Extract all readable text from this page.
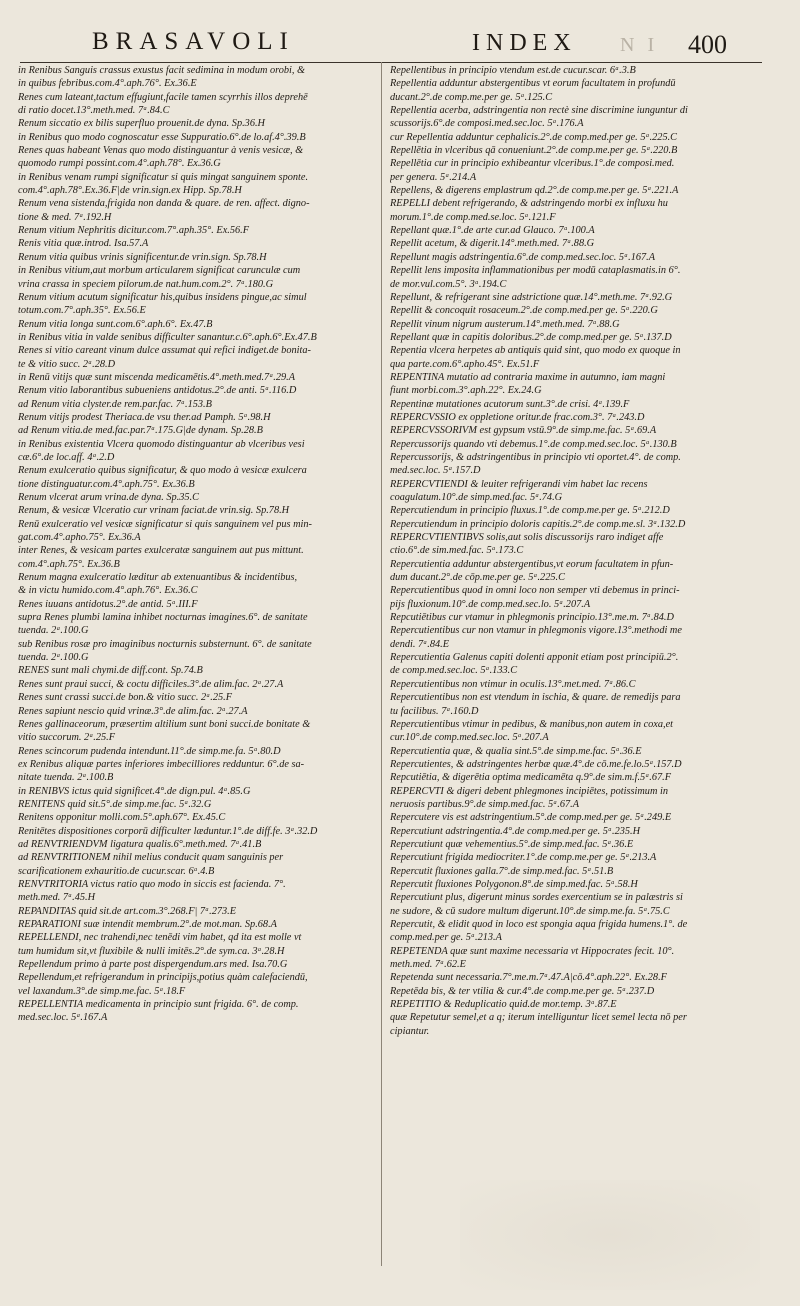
BRASAVOLI	INDEX N I 400
in Renibus Sanguis crassus exustus facit sedimina in modum orobi, &
in quibus febribus.com.4°.aph.76°. Ex.36.E
Renes cum lateant,tactum effugiunt,facile tamen scyrrhis illos deprehē
di ratio docet.13°.meth.med. 7ᵃ.84.C
Renum siccatio ex bilis superfluo prouenit.de dyna. Sp.36.H
in Renibus quo modo cognoscatur esse Suppuratio.6°.de lo.af.4°.39.B
Renes quas habeant Venas quo modo distinguantur à venis vesicæ, &
quomodo rumpi possint.com.4°.aph.78°. Ex.36.G
in Renibus venam rumpi significatur si quis mingat sanguinem sponte.
com.4°.aph.78°.Ex.36.F|de vrin.sign.ex Hipp. Sp.78.H
Renum vena sistenda,frigida non danda & quare. de ren. affect. digno-
tione & med. 7ᵃ.192.H
Renum vitium Nephritis dicitur.com.7°.aph.35°. Ex.56.F
Renis vitia quæ.introd. Isa.57.A
Renum vitia quibus vrinis significentur.de vrin.sign. Sp.78.H
in Renibus vitium,aut morbum articularem significat carunculæ cum
vrina crassa in speciem pilorum.de nat.hum.com.2°. 7ᵃ.180.G
Renum vitium acutum significatur his,quibus insidens pingue,ac simul
totum.com.7°.aph.35°. Ex.56.E
Renum vitia longa sunt.com.6°.aph.6°. Ex.47.B
in Renibus vitia in valde senibus difficulter sanantur.c.6°.aph.6°.Ex.47.B
Renes si vitio careant vinum dulce assumat qui refici indiget.de bonita-
te & vitio succ. 2ᵃ.28.D
in Renū vitijs quæ sunt miscenda medicamētis.4°.meth.med.7ᵃ.29.A
Renum vitio laborantibus subueniens antidotus.2°.de anti. 5ᵃ.116.D
ad Renum vitia clyster.de rem.par.fac. 7ᵃ.153.B
Renum vitijs prodest Theriaca.de vsu ther.ad Pamph. 5ᵃ.98.H
ad Renum vitia.de med.fac.par.7ᵃ.175.G|de dynam. Sp.28.B
in Renibus existentia Vlcera quomodo distinguantur ab vlceribus vesi
cæ.6°.de loc.aff. 4ᵃ.2.D
Renum exulceratio quibus significatur, & quo modo à vesicæ exulcera
tione distinguatur.com.4°.aph.75°. Ex.36.B
Renum vlcerat arum vrina.de dyna. Sp.35.C
Renum, & vesicæ Vlceratio cur vrinam faciat.de vrin.sig. Sp.78.H
Renū exulceratio vel vesicæ significatur si quis sanguinem vel pus min-
gat.com.4°.apho.75°. Ex.36.A
inter Renes, & vesicam partes exulceratæ sanguinem aut pus mittunt.
com.4°.aph.75°. Ex.36.B
Renum magna exulceratio læditur ab extenuantibus & incidentibus,
& in victu humido.com.4°.aph.76°. Ex.36.C
Renes iuuans antidotus.2°.de antid. 5ᵃ.III.F
supra Renes plumbi lamina inhibet nocturnas imagines.6°. de sanitate
tuenda. 2ᵃ.100.G
sub Renibus rosæ pro imaginibus nocturnis substernunt. 6°. de sanitate
tuenda. 2ᵃ.100.G
RENES sunt mali chymi.de diff.cont. Sp.74.B
Renes sunt praui succi, & coctu difficiles.3°.de alim.fac. 2ᵃ.27.A
Renes sunt crassi succi.de bon.& vitio succ. 2ᵃ.25.F
Renes sapiunt nescio quid vrinæ.3°.de alim.fac. 2ᵃ.27.A
Renes gallinaceorum, præsertim altilium sunt boni succi.de bonitate &
vitio succorum. 2ᵃ.25.F
Renes scincorum pudenda intendunt.11°.de simp.me.fa. 5ᵃ.80.D
ex Renibus aliquæ partes inferiores imbecilliores redduntur. 6°.de sa-
nitate tuenda. 2ᵃ.100.B
in RENIBVS ictus quid significet.4°.de dign.pul. 4ᵃ.85.G
RENITENS quid sit.5°.de simp.me.fac. 5ᵃ.32.G
Renitens opponitur molli.com.5°.aph.67°. Ex.45.C
Renitētes dispositiones corporū difficulter læduntur.1°.de diff.fe. 3ᵃ.32.D
ad RENVTRIENDVM ligatura qualis.6°.meth.med. 7ᵃ.41.B
ad RENVTRITIONEM nihil melius conducit quam sanguinis per
scarificationem exhauritio.de cucur.scar. 6ᵃ.4.B
RENVTRITORIA victus ratio quo modo in siccis est facienda. 7°.
meth.med. 7ᵃ.45.H
REPANDITAS quid sit.de art.com.3°.268.F| 7ᵃ.273.E
REPARATIONI suæ intendit membrum.2°.de mot.man. Sp.68.A
REPELLENDI, nec trahendi,nec tenēdi vim habet, qd ita est molle vt
tum humidum sit,vt fluxibile & nulli imitēs.2°.de sym.ca. 3ᵃ.28.H
Repellendum primo à parte post dispergendum.ars med. Isa.70.G
Repellendum,et refrigerandum in principijs,potius quàm calefaciendū,
vel laxandum.3°.de simp.me.fac. 5ᵃ.18.F
REPELLENTIA medicamenta in principio sunt frigida. 6°. de comp.
med.sec.loc. 5ᵃ.167.A
Repellentibus in principio vtendum est.de cucur.scar. 6ᵃ.3.B
Repellentia adduntur abstergentibus vt eorum facultatem in profundū
ducant.2°.de comp.me.per ge. 5ᵃ.125.C
Repellentia acerba, adstringentia non rectè sine discrimine iunguntur di
scussorijs.6°.de composi.med.sec.loc. 5ᵃ.176.A
cur Repellentia adduntur cephalicis.2°.de comp.med.per ge. 5ᵃ.225.C
Repellētia in vlceribus qā conueniunt.2°.de comp.me.per ge. 5ᵃ.220.B
Repellētia cur in principio exhibeantur vlceribus.1°.de composi.med.
per genera. 5ᵃ.214.A
Repellens, & digerens emplastrum qd.2°.de comp.me.per ge. 5ᵃ.221.A
REPELLI debent refrigerando, & adstringendo morbi ex influxu hu
morum.1°.de comp.med.se.loc. 5ᵃ.121.F
Repellant quæ.1°.de arte cur.ad Glauco. 7ᵃ.100.A
Repellit acetum, & digerit.14°.meth.med. 7ᵃ.88.G
Repellunt magis adstringentia.6°.de comp.med.sec.loc. 5ᵃ.167.A
Repellit lens imposita inflammationibus per modū cataplasmatis.in 6°.
de mor.vul.com.5°. 3ᵃ.194.C
Repellunt, & refrigerant sine adstrictione quæ.14°.meth.me. 7ᵃ.92.G
Repellit & concoquit rosaceum.2°.de comp.med.per ge. 5ᵃ.220.G
Repellit vinum nigrum austerum.14°.meth.med. 7ᵃ.88.G
Repellant quæ in capitis doloribus.2°.de comp.med.per ge. 5ᵃ.137.D
Repentia vlcera herpetes ab antiquis quid sint, quo modo ex quoque in
qua parte.com.6°.apho.45°. Ex.51.F
REPENTINA mutatio ad contraria maxime in autumno, iam magni
fiunt morbi.com.3°.aph.22°. Ex.24.G
Repentinæ mutationes acutorum sunt.3°.de crisi. 4ᵃ.139.F
REPERCVSSIO ex oppletione oritur.de frac.com.3°. 7ᵃ.243.D
REPERCVSSORIVM est gypsum vstū.9°.de simp.me.fac. 5ᵃ.69.A
Repercussorijs quando vti debemus.1°.de comp.med.sec.loc. 5ᵃ.130.B
Repercussorijs, & adstringentibus in principio vti oportet.4°. de comp.
med.sec.loc. 5ᵃ.157.D
REPERCVTIENDI & leuiter refrigerandi vim habet lac recens
coagulatum.10°.de simp.med.fac. 5ᵃ.74.G
Repercutiendum in principio fluxus.1°.de comp.me.per ge. 5ᵃ.212.D
Repercutiendum in principio doloris capitis.2°.de comp.me.sl. 3ᵃ.132.D
REPERCVTIENTIBVS solis,aut solis discussorijs raro indiget affe
ctio.6°.de sim.med.fac. 5ᵃ.173.C
Repercutientia adduntur abstergentibus,vt eorum facultatem in pfun-
dum ducant.2°.de cōp.me.per ge. 5ᵃ.225.C
Repercutientibus quod in omni loco non semper vti debemus in princi-
pijs fluxionum.10°.de comp.med.sec.lo. 5ᵃ.207.A
Repcutiētibus cur vtamur in phlegmonis principio.13°.me.m. 7ᵃ.84.D
Repercutientibus cur non vtamur in phlegmonis vigore.13°.methodi me
dendi. 7ᵃ.84.E
Repercutientia Galenus capiti dolenti apponit etiam post principiū.2°.
de comp.med.sec.loc. 5ᵃ.133.C
Repercutientibus non vtimur in oculis.13°.met.med. 7ᵃ.86.C
Repercutientibus non est vtendum in ischia, & quare. de remedijs para
tu facilibus. 7ᵃ.160.D
Repercutientibus vtimur in pedibus, & manibus,non autem in coxa,et
cur.10°.de comp.med.sec.loc. 5ᵃ.207.A
Repercutientia quæ, & qualia sint.5°.de simp.me.fac. 5ᵃ.36.E
Repercutientes, & adstringentes herbæ quæ.4°.de cō.me.fe.lo.5ᵃ.157.D
Repcutiētia, & digerētia optima medicamēta q.9°.de sim.m.f.5ᵃ.67.F
REPERCVTI & digeri debent phlegmones incipiētes, potissimum in
neruosis partibus.9°.de simp.med.fac. 5ᵃ.67.A
Repercutere vis est adstringentium.5°.de comp.med.per ge. 5ᵃ.249.E
Repercutiunt adstringentia.4°.de comp.med.per ge. 5ᵃ.235.H
Repercutiunt quæ vehementius.5°.de simp.med.fac. 5ᵃ.36.E
Repercutiunt frigida mediocriter.1°.de comp.me.per ge. 5ᵃ.213.A
Repercutit fluxiones galla.7°.de simp.med.fac. 5ᵃ.51.B
Repercutit fluxiones Polygonon.8°.de simp.med.fac. 5ᵃ.58.H
Repercutiunt plus, digerunt minus sordes exercentium se in palæstris si
ne sudore, & cū sudore multum digerunt.10°.de simp.me.fa. 5ᵃ.75.C
Repercutit, & elidit quod in loco est spongia aqua frigida humens.1°. de
comp.med.per ge. 5ᵃ.213.A
REPETENDA quæ sunt maxime necessaria vt Hippocrates fecit. 10°.
meth.med. 7ᵃ.62.E
Repetenda sunt necessaria.7°.me.m.7ᵃ.47.A|cō.4°.aph.22°. Ex.28.F
Repetēda bis, & ter vtilia & cur.4°.de comp.me.per ge. 5ᵃ.237.D
REPETITIO & Reduplicatio quid.de mor.temp. 3ᵃ.87.E
quæ Repetutur semel,et a q; iterum intelliguntur licet semel lecta nō per
cipiantur.
